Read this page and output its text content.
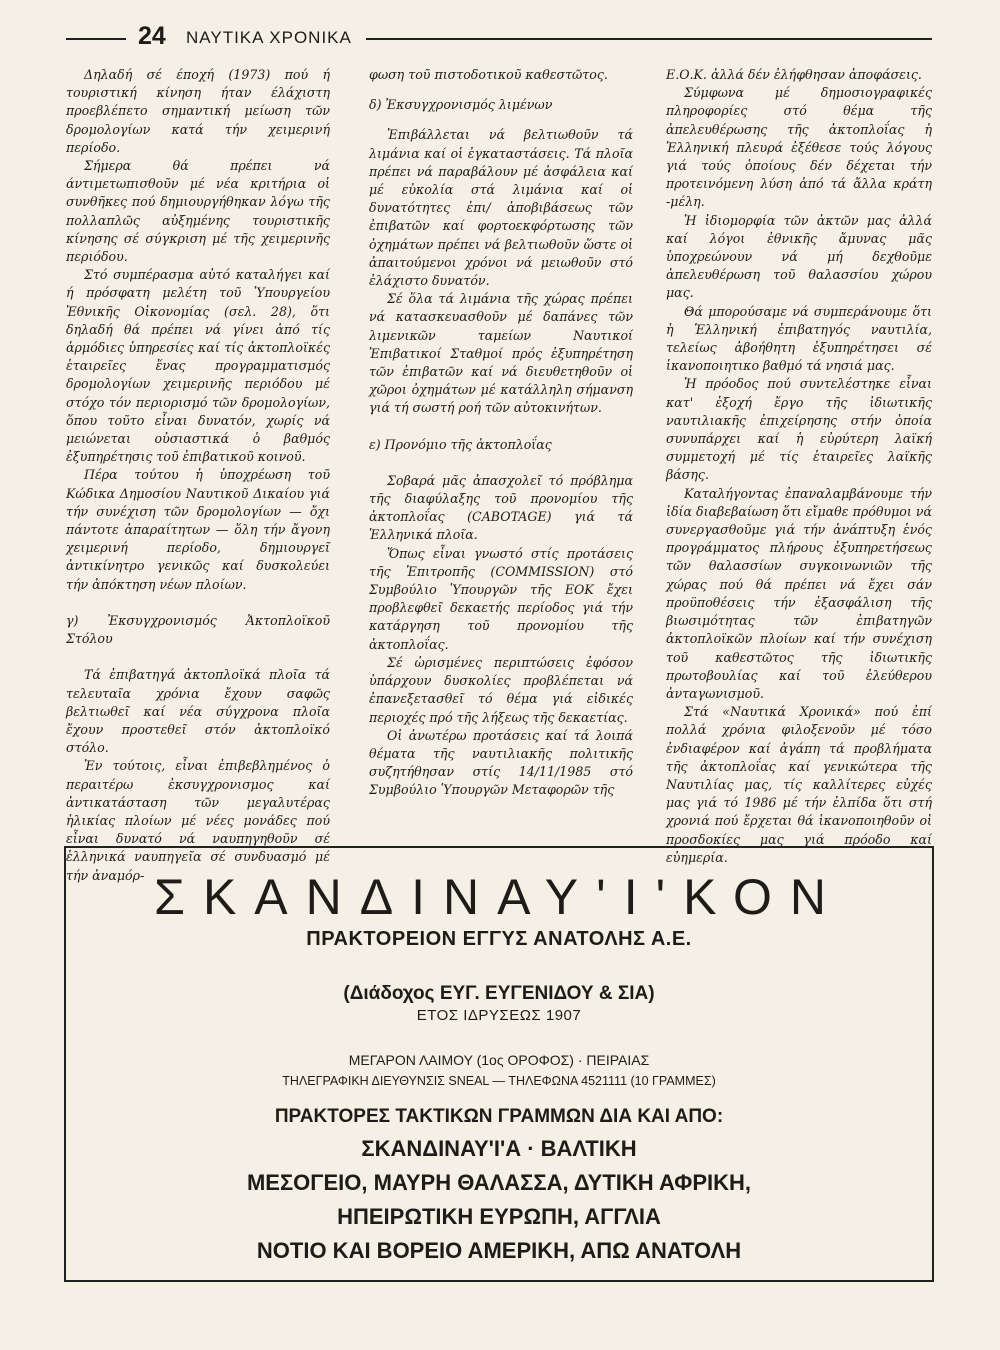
24 ΝΑΥΤΙΚΑ ΧΡΟΝΙΚΑ

Δηλαδή σέ έποχή (1973) πού ή τουριστική κίνηση ήταν έλάχιστη προεβλέπετο σημαντική μείωση τῶν δρομολογίων κατά τήν χειμερινή περίοδο.

Σήμερα θά πρέπει νά άντιμετωπισθοῦν μέ νέα κριτήρια οἱ συνθῆκες πού δημιουργήθηκαν λόγω τῆς πολλαπλῶς αὐξημένης τουριστικῆς κίνησης σέ σύγκριση μέ τῆς χειμερινῆς περιόδου.

Στό συμπέρασμα αὐτό καταλήγει καί ή πρόσφατη μελέτη τοῦ Ὑπουργείου Ἐθνικῆς Οἰκονομίας (σελ. 28), ὅτι δηλαδή θά πρέπει νά γίνει ἀπό τίς ἁρμόδιες ὑπηρεσίες καί τίς ἀκτοπλοϊκές ἑταιρεῖες ἕνας προγραμματισμός δρομολογίων χειμερινῆς περιόδου μέ στόχο τόν περιορισμό τῶν δρομολογίων, ὅπου τοῦτο εἶναι δυνατόν, χωρίς νά μειώνεται οὐσιαστικά ὁ βαθμός ἐξυπηρέτησις τοῦ ἐπιβατικοῦ κοινοῦ.

Πέρα τούτου ἡ ὑποχρέωση τοῦ Κώδικα Δημοσίου Ναυτικοῦ Δικαίου γιά τήν συνέχιση τῶν δρομολογίων — ὄχι πάντοτε ἀπαραίτητων — ὅλη τήν ἄγονη χειμερινή περίοδο, δημιουργεῖ ἀντικίνητρο γενικῶς καί δυσκολεύει τήν ἀπόκτηση νέων πλοίων.

γ) Ἐκσυγχρονισμός Ἀκτοπλοϊκοῦ Στόλου

Τά ἐπιβατηγά ἀκτοπλοϊκά πλοῖα τά τελευταῖα χρόνια ἔχουν σαφῶς βελτιωθεῖ καί νέα σύγχρονα πλοῖα ἔχουν προστεθεῖ στόν ἀκτοπλοϊκό στόλο.

Ἐν τούτοις, εἶναι ἐπιβεβλημένος ὁ περαιτέρω ἐκσυγχρονισμος καί ἀντικατάσταση τῶν μεγαλυτέρας ἡλικίας πλοίων μέ νέες μονάδες πού εἶναι δυνατό νά ναυπηγηθοῦν σέ ἑλληνικά ναυπηγεῖα σέ συνδυασμό μέ τήν ἀναμόρ-

φωση τοῦ πιστοδοτικοῦ καθεστῶτος.

δ) Ἐκσυγχρονισμός λιμένων

Ἐπιβάλλεται νά βελτιωθοῦν τά λιμάνια καί οἱ ἐγκαταστάσεις. Τά πλοῖα πρέπει νά παραβάλουν μέ ἀσφάλεια καί μέ εὐκολία στά λιμάνια καί οἱ δυνατότητες ἐπι/ ἀποβιβάσεως τῶν ἐπιβατῶν καί φορτοεκφόρτωσης τῶν ὀχημάτων πρέπει νά βελτιωθοῦν ὥστε οἱ ἀπαιτούμενοι χρόνοι νά μειωθοῦν στό ἐλάχιστο δυνατόν.

Σέ ὅλα τά λιμάνια τῆς χώρας πρέπει νά κατασκευασθοῦν μέ δαπάνες τῶν λιμενικῶν ταμείων Ναυτικοί Ἐπιβατικοί Σταθμοί πρός ἐξυπηρέτηση τῶν ἐπιβατῶν καί νά διευθετηθοῦν οἱ χῶροι ὀχημάτων μέ κατάλληλη σήμανση γιά τή σωστή ροή τῶν αὐτοκινήτων.

ε) Προνόμιο τῆς ἀκτοπλοΐας

Σοβαρά μᾶς ἀπασχολεῖ τό πρόβλημα τῆς διαφύλαξης τοῦ προνομίου τῆς ἀκτοπλοΐας (CABOTAGE) γιά τά Ἑλληνικά πλοῖα.

Ὅπως εἶναι γνωστό στίς προτάσεις τῆς Ἐπιτροπῆς (COMMISSION) στό Συμβούλιο Ὑπουργῶν τῆς ΕΟΚ ἔχει προβλεφθεῖ δεκαετής περίοδος γιά τήν κατάργηση τοῦ προνομίου τῆς ἀκτοπλοΐας.

Σέ ὡρισμένες περιπτώσεις ἐφόσον ὑπάρχουν δυσκολίες προβλέπεται νά ἐπανεξετασθεῖ τό θέμα γιά εἰδικές περιοχές πρό τῆς λήξεως τῆς δεκαετίας.

Οἱ ἀνωτέρω προτάσεις καί τά λοιπά θέματα τῆς ναυτιλιακῆς πολιτικῆς συζητήθησαν στίς 14/11/1985 στό Συμβούλιο Ὑπουργῶν Μεταφορῶν τῆς

Ε.Ο.Κ. ἀλλά δέν ἐλήφθησαν ἀποφάσεις.

Σύμφωνα μέ δημοσιογραφικές πληροφορίες στό θέμα τῆς ἀπελευθέρωσης τῆς ἀκτοπλοΐας ἡ Ἑλληνική πλευρά ἐξέθεσε τούς λόγους γιά τούς ὁποίους δέν δέχεται τήν προτεινόμενη λύση ἀπό τά ἄλλα κράτη -μέλη.

Ἡ ἰδιομορφία τῶν ἀκτῶν μας ἀλλά καί λόγοι ἐθνικῆς ἄμυνας μᾶς ὑποχρεώνουν νά μή δεχθοῦμε ἀπελευθέρωση τοῦ θαλασσίου χώρου μας.

Θά μπορούσαμε νά συμπεράνουμε ὅτι ἡ Ἑλληνική ἐπιβατηγός ναυτιλία, τελείως ἀβοήθητη ἐξυπηρέτησει σέ ἱκανοποιητικο βαθμό τά νησιά μας.

Ἡ πρόοδος πού συντελέστηκε εἶναι κατ' ἐξοχή ἔργο τῆς ἰδιωτικῆς ναυτιλιακῆς ἐπιχείρησης στήν ὁποία συνυπάρχει καί ἡ εὐρύτερη λαϊκή συμμετοχή μέ τίς ἑταιρεῖες λαϊκῆς βάσης.

Καταλήγοντας ἐπαναλαμβάνουμε τήν ἰδία διαβεβαίωση ὅτι εἴμαθε πρόθυμοι νά συνεργασθοῦμε γιά τήν ἀνάπτυξη ἑνός προγράμματος πλήρους ἐξυπηρετήσεως τῶν θαλασσίων συγκοινωνιῶν τῆς χώρας πού θά πρέπει νά ἔχει σάν προϋποθέσεις τήν ἐξασφάλιση τῆς βιωσιμότητας τῶν ἐπιβατηγῶν ἀκτοπλοϊκῶν πλοίων καί τήν συνέχιση τοῦ καθεστῶτος τῆς ἰδιωτικῆς πρωτοβουλίας καί τοῦ ἐλεύθερου ἀνταγωνισμοῦ.

Στά «Ναυτικά Χρονικά» πού ἐπί πολλά χρόνια φιλοξενοῦν μέ τόσο ἐνδιαφέρον καί ἀγάπη τά προβλήματα τῆς ἀκτοπλοΐας καί γενικώτερα τῆς Ναυτιλίας μας, τίς καλλίτερες εὐχές μας γιά τό 1986 μέ τήν ἐλπίδα ὅτι στή χρονιά πού ἔρχεται θά ἱκανοποιηθοῦν οἱ προσδοκίες μας γιά πρόοδο καί εὐημερία.

ΣΚΑΝΔΙΝΑΥ'Ι'ΚΟΝ
ΠΡΑΚΤΟΡΕΙΟΝ ΕΓΓΥΣ ΑΝΑΤΟΛΗΣ Α.Ε.
(Διάδοχος ΕΥΓ. ΕΥΓΕΝΙΔΟΥ & ΣΙΑ)
ΕΤΟΣ ΙΔΡΥΣΕΩΣ 1907
ΜΕΓΑΡΟΝ ΛΑΙΜΟΥ (1ος ΟΡΟΦΟΣ) · ΠΕΙΡΑΙΑΣ
ΤΗΛΕΓΡΑΦΙΚΗ ΔΙΕΥΘΥΝΣΙΣ SNEAL — ΤΗΛΕΦΩΝΑ 4521111 (10 ΓΡΑΜΜΕΣ)
ΠΡΑΚΤΟΡΕΣ ΤΑΚΤΙΚΩΝ ΓΡΑΜΜΩΝ ΔΙΑ ΚΑΙ ΑΠΟ:
ΣΚΑΝΔΙΝΑΥ'Ι'Α · ΒΑΛΤΙΚΗ
ΜΕΣΟΓΕΙΟ, ΜΑΥΡΗ ΘΑΛΑΣΣΑ, ΔΥΤΙΚΗ ΑΦΡΙΚΗ,
ΗΠΕΙΡΩΤΙΚΗ ΕΥΡΩΠΗ, ΑΓΓΛΙΑ
ΝΟΤΙΟ ΚΑΙ ΒΟΡΕΙΟ ΑΜΕΡΙΚΗ, ΑΠΩ ΑΝΑΤΟΛΗ
